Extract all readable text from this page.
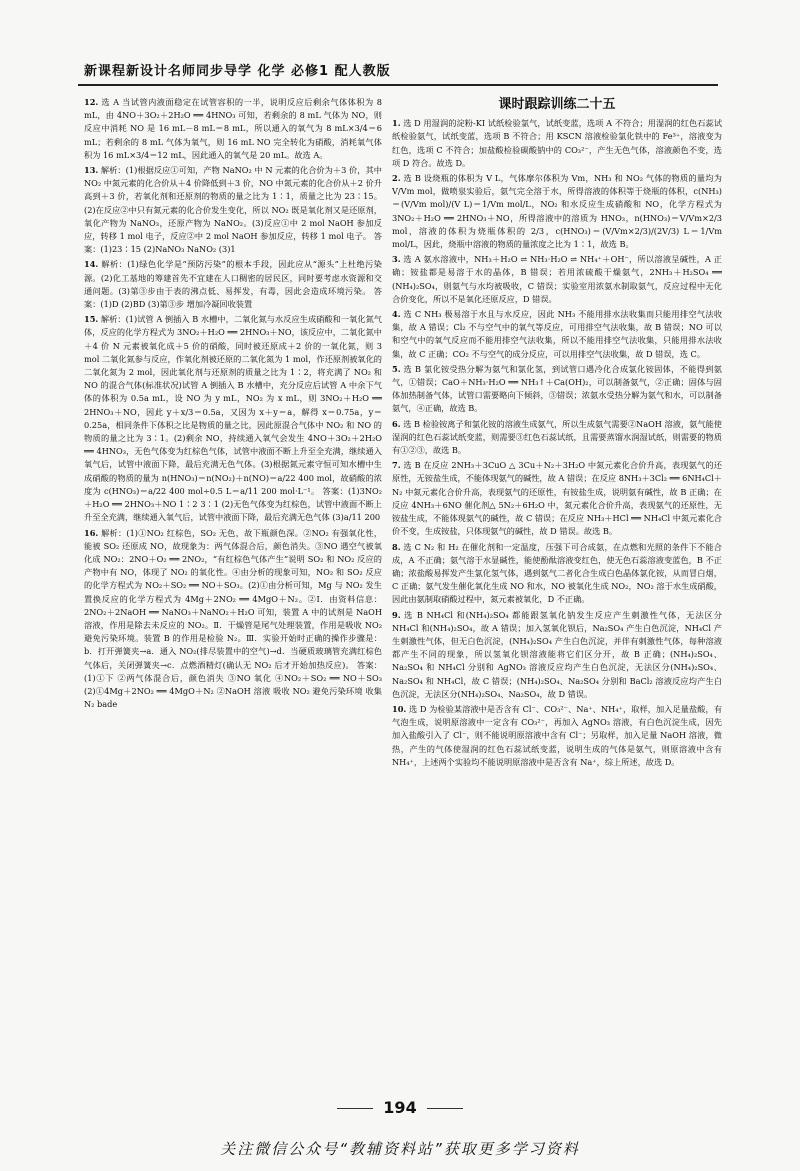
新课程新设计名师同步导学 化学 必修1 配人教版
12. 选 A 当试管内液面稳定在试管容积的一半，说明反应后剩余气体体积为 8 mL，由 4NO＋3O₂＋2H₂O ══ 4HNO₃ 可知，若剩余的 8 mL 气体为 NO，则反应中消耗 NO 是 16 mL－8 mL＝8 mL，所以通入的氧气为 8 mL×3/4＝6 mL；若剩余的 8 mL 气体为氧气，则 16 mL NO 完全转化为硝酸，消耗氧气体积为 16 mL×3/4＝12 mL，因此通入的氧气是 20 mL。故选 A。
13. 解析：(1)根据反应①可知，产物 NaNO₂ 中 N 元素的化合价为＋3 价，其中 NO₂ 中氮元素的化合价从＋4 价降低到＋3 价，NO 中氮元素的化合价从＋2 价升高到＋3 价，若氧化剂和还原剂的物质的量之比为 1∶1，质量之比为 23∶15。(2)在反应②中只有氮元素的化合价发生变化，所以 NO₂ 既是氧化剂又是还原剂，氧化产物为 NaNO₃，还原产物为 NaNO₂。(3)反应①中 2 mol NaOH 参加反应，转移 1 mol 电子，反应②中 2 mol NaOH 参加反应，转移 1 mol 电子。 答案：(1)23∶15 (2)NaNO₃ NaNO₂ (3)1
14. 解析：(1)绿色化学是“预防污染”的根本手段，因此应从“源头”上杜绝污染源。(2)化工基地的筹建首先不宜建在人口稠密的居民区，同时要考虑水资源和交通问题。(3)第③步由于表的沸点低、易挥发，有毒，因此会造成环境污染。 答案：(1)D (2)BD (3)第③步 增加冷凝回收装置
15. 解析：(1)试管 A 倒插入 B 水槽中，二氧化氮与水反应生成硝酸和一氧化氮气体，反应的化学方程式为 3NO₂＋H₂O ══ 2HNO₃＋NO，该反应中，二氧化氮中＋4 价 N 元素被氧化成＋5 价的硝酸，同时被还原成＋2 价的一氧化氮，则 3 mol 二氧化氮参与反应，作氧化剂被还原的二氧化氮为 1 mol，作还原剂被氧化的二氧化氮为 2 mol，因此氧化剂与还原剂的质量之比为 1∶2，将充满了 NO₂ 和 NO 的混合气体(标准状况)试管 A 倒插入 B 水槽中，充分反应后试管 A 中余下气体的体积为 0.5a mL，设 NO 为 y mL，NO₂ 为 x mL，则 3NO₂＋H₂O ══ 2HNO₃＋NO，因此 y＋x/3＝0.5a，又因为 x＋y＝a，解得 x＝0.75a，y＝0.25a，相同条件下体积之比是物质的量之比，因此原混合气体中 NO₂ 和 NO 的物质的量之比为 3∶1。(2)剩余 NO，持续通入氧气会发生 4NO＋3O₂＋2H₂O ══ 4HNO₃，无色气体变为红棕色气体，试管中液面不断上升至全充满，继续通入氧气后，试管中液面下降，最后充满无色气体。(3)根据氮元素守恒可知水槽中生成硝酸的物质的量为 n(HNO₃)＝n(NO₂)＋n(NO)＝a/22 400 mol，故硝酸的浓度为 c(HNO₃)＝a/22 400 mol÷0.5 L＝a/11 200 mol·L⁻¹。 答案：(1)3NO₂＋H₂O ══ 2HNO₃＋NO 1∶2 3∶1 (2)无色气体变为红棕色，试管中液面不断上升至全充满，继续通入氧气后，试管中液面下降，最后充满无色气体 (3)a/11 200
16. 解析：(1)①NO₂ 红棕色，SO₂ 无色，故下瓶颜色深。②NO₂ 有强氧化性，能被 SO₂ 还原成 NO，故现象为：两气体混合后，颜色消失。③NO 遇空气被氧化成 NO₂：2NO＋O₂ ══ 2NO₂，“有红棕色气体产生”说明 SO₂ 和 NO₂ 反应的产物中有 NO，体现了 NO₂ 的氧化性。④由分析的现象可知，NO₂ 和 SO₂ 反应的化学方程式为 NO₂＋SO₂ ══ NO＋SO₃。(2)①由分析可知，Mg 与 NO₂ 发生置换反应的化学方程式为 4Mg＋2NO₂ ══ 4MgO＋N₂。②Ⅰ．由资料信息：2NO₂＋2NaOH ══ NaNO₃＋NaNO₂＋H₂O 可知，装置 A 中的试剂是 NaOH 溶液，作用是除去未反应的 NO₂。Ⅱ．干燥管是尾气处理装置，作用是吸收 NO₂ 避免污染环境。装置 B 的作用是检验 N₂。Ⅲ．实验开始时正确的操作步骤是：b．打开弹簧夹→a．通入 NO₂(排尽装置中的空气)→d．当硬质玻璃管充满红棕色气体后，关闭弹簧夹→c．点燃酒精灯(确认无 NO₂ 后才开始加热反应)。 答案：(1)①下 ②两气体混合后，颜色消失 ③NO 氧化 ④NO₂＋SO₂ ══ NO＋SO₃ (2)①4Mg＋2NO₂ ══ 4MgO＋N₂ ②NaOH 溶液 吸收 NO₂ 避免污染环境 收集 N₂ bade
课时跟踪训练二十五
1. 选 D 用湿润的淀粉-KI 试纸检验氯气，试纸变蓝，选项 A 不符合；用湿润的红色石蕊试纸检验氨气，试纸变蓝，选项 B 不符合；用 KSCN 溶液检验氯化铁中的 Fe³⁺，溶液变为红色，选项 C 不符合；加盐酸检验碳酸钠中的 CO₃²⁻，产生无色气体，溶液颜色不变，选项 D 符合。故选 D。
2. 选 B 设烧瓶的体积为 V L，气体摩尔体积为 Vm，NH₃ 和 NO₂ 气体的物质的量均为 V/Vm mol，做喷泉实验后，氨气完全溶于水，所得溶液的体积等于烧瓶的体积，c(NH₃)＝(V/Vm mol)/(V L)＝1/Vm mol/L，NO₂ 和水反应生成硝酸和 NO，化学方程式为 3NO₂＋H₂O ══ 2HNO₃＋NO，所得溶液中的溶质为 HNO₃，n(HNO₃)＝V/Vm×2/3 mol，溶液的体积为烧瓶体积的 2/3，c(HNO₃)＝(V/Vm×2/3)/(2V/3) L＝1/Vm mol/L，因此，烧瓶中溶液的物质的量浓度之比为 1∶1，故选 B。
3. 选 A 氨水溶液中，NH₃＋H₂O ⇌ NH₃·H₂O ⇌ NH₄⁺＋OH⁻，所以溶液呈碱性，A 正确；铵盐都是易溶于水的晶体，B 错误；若用浓硫酸干燥氨气，2NH₃＋H₂SO₄ ══ (NH₄)₂SO₄，则氨气与水均被吸收，C 错误；实验室用浓氨水制取氨气，反应过程中无化合价变化，所以不是氧化还原反应，D 错误。
4. 选 C NH₃ 极易溶于水且与水反应，因此 NH₃ 不能用排水法收集而只能用排空气法收集，故 A 错误；Cl₂ 不与空气中的氧气等反应，可用排空气法收集，故 B 错误；NO 可以和空气中的氧气反应而不能用排空气法收集，所以不能用排空气法收集，只能用排水法收集，故 C 正确；CO₂ 不与空气的成分反应，可以用排空气法收集，故 D 错误，选 C。
5. 选 B 氯化铵受热分解为氨气和氯化氢，到试管口遇冷化合成氯化铵固体，不能得到氨气，①错误；CaO＋NH₃·H₂O ══ NH₃↑＋Ca(OH)₂，可以制备氨气，②正确；固体与固体加热制备气体，试管口需要略向下倾斜，③错误；浓氨水受热分解为氨气和水，可以制备氨气，④正确，故选 B。
6. 选 B 检验铵离子和氯化铵的溶液生成氨气，所以生成氨气需要②NaOH 溶液，氨气能使湿润的红色石蕊试纸变蓝，则需要③红色石蕊试纸，且需要蒸馏水润湿试纸，则需要的物质有①②③，故选 B。
7. 选 B 在反应 2NH₃＋3CuO △ 3Cu＋N₂＋3H₂O 中氮元素化合价升高，表现氨气的还原性，无铵盐生成，不能体现氨气的碱性，故 A 错误；在反应 8NH₃＋3Cl₂ ══ 6NH₄Cl＋N₂ 中氮元素化合价升高，表现氨气的还原性，有铵盐生成，说明氨有碱性，故 B 正确；在反应 4NH₃＋6NO 催化剂△ 5N₂＋6H₂O 中，氮元素化合价升高，表现氨气的还原性，无铵盐生成，不能体现氨气的碱性，故 C 错误；在反应 NH₃＋HCl ══ NH₄Cl 中氮元素化合价不变，生成铵盐，只体现氨气的碱性，故 D 错误。故选 B。
8. 选 C N₂ 和 H₂ 在催化剂和一定温度，压强下可合成氨，在点燃和光照的条件下不能合成，A 不正确；氨气溶于水显碱性，能使酚酞溶液变红色，使无色石蕊溶液变蓝色，B 不正确；浓盐酸易挥发产生氯化氢气体，遇到氨气二者化合生成白色晶体氯化铵，从而冒白烟，C 正确；氨气发生催化氧化生成 NO 和水，NO 被氧化生成 NO₂，NO₂ 溶于水生成硝酸，因此由氨制取硝酸过程中，氮元素被氧化，D 不正确。
9. 选 B NH₄Cl 和(NH₄)₂SO₄ 都能跟氢氧化钠发生反应产生刺激性气体，无法区分 NH₄Cl 和(NH₄)₂SO₄，故 A 错误；加入氢氧化钡后，Na₂SO₄ 产生白色沉淀，NH₄Cl 产生刺激性气体，但无白色沉淀，(NH₄)₂SO₄ 产生白色沉淀，并伴有刺激性气体，每种溶液都产生不同的现象，所以氢氧化钡溶液能将它们区分开，故 B 正确；(NH₄)₂SO₄、Na₂SO₄ 和 NH₄Cl 分别和 AgNO₃ 溶液反应均产生白色沉淀，无法区分(NH₄)₂SO₄、Na₂SO₄ 和 NH₄Cl，故 C 错误；(NH₄)₂SO₄、Na₂SO₄ 分别和 BaCl₂ 溶液反应均产生白色沉淀，无法区分(NH₄)₂SO₄、Na₂SO₄，故 D 错误。
10. 选 D 为检验某溶液中是否含有 Cl⁻、CO₃²⁻、Na⁺、NH₄⁺，取样，加入足量盐酸，有气泡生成，说明原溶液中一定含有 CO₃²⁻，再加入 AgNO₃ 溶液，有白色沉淀生成，因先加入盐酸引入了 Cl⁻，则不能说明原溶液中含有 Cl⁻；另取样，加入足量 NaOH 溶液，微热，产生的气体使湿润的红色石蕊试纸变蓝，说明生成的气体是氨气，则原溶液中含有 NH₄⁺，上述两个实验均不能说明原溶液中是否含有 Na⁺，综上所述，故选 D。
194
关注微信公众号“教辅资料站”获取更多学习资料
